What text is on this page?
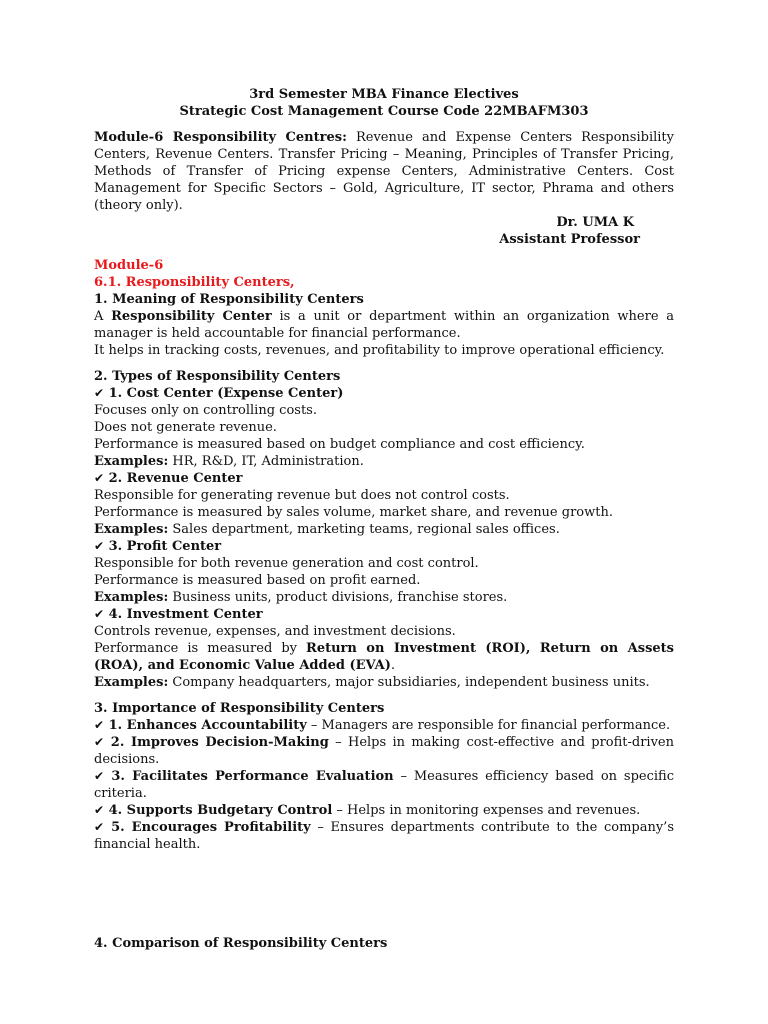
3rd Semester MBA Finance Electives
Strategic Cost Management Course Code 22MBAFM303
Module-6 Responsibility Centres: Revenue and Expense Centers Responsibility Centers, Revenue Centers. Transfer Pricing – Meaning, Principles of Transfer Pricing, Methods of Transfer of Pricing expense Centers, Administrative Centers. Cost Management for Specific Sectors – Gold, Agriculture, IT sector, Phrama and others (theory only).
Dr. UMA K
Assistant Professor
Module-6
6.1. Responsibility Centers,
1. Meaning of Responsibility Centers
A Responsibility Center is a unit or department within an organization where a manager is held accountable for financial performance.
It helps in tracking costs, revenues, and profitability to improve operational efficiency.
2. Types of Responsibility Centers
✔ 1. Cost Center (Expense Center)
Focuses only on controlling costs.
Does not generate revenue.
Performance is measured based on budget compliance and cost efficiency.
Examples: HR, R&D, IT, Administration.
✔ 2. Revenue Center
Responsible for generating revenue but does not control costs.
Performance is measured by sales volume, market share, and revenue growth.
Examples: Sales department, marketing teams, regional sales offices.
✔ 3. Profit Center
Responsible for both revenue generation and cost control.
Performance is measured based on profit earned.
Examples: Business units, product divisions, franchise stores.
✔ 4. Investment Center
Controls revenue, expenses, and investment decisions.
Performance is measured by Return on Investment (ROI), Return on Assets (ROA), and Economic Value Added (EVA).
Examples: Company headquarters, major subsidiaries, independent business units.
3. Importance of Responsibility Centers
✔ 1. Enhances Accountability – Managers are responsible for financial performance.
✔ 2. Improves Decision-Making – Helps in making cost-effective and profit-driven decisions.
✔ 3. Facilitates Performance Evaluation – Measures efficiency based on specific criteria.
✔ 4. Supports Budgetary Control – Helps in monitoring expenses and revenues.
✔ 5. Encourages Profitability – Ensures departments contribute to the company’s financial health.
4. Comparison of Responsibility Centers
